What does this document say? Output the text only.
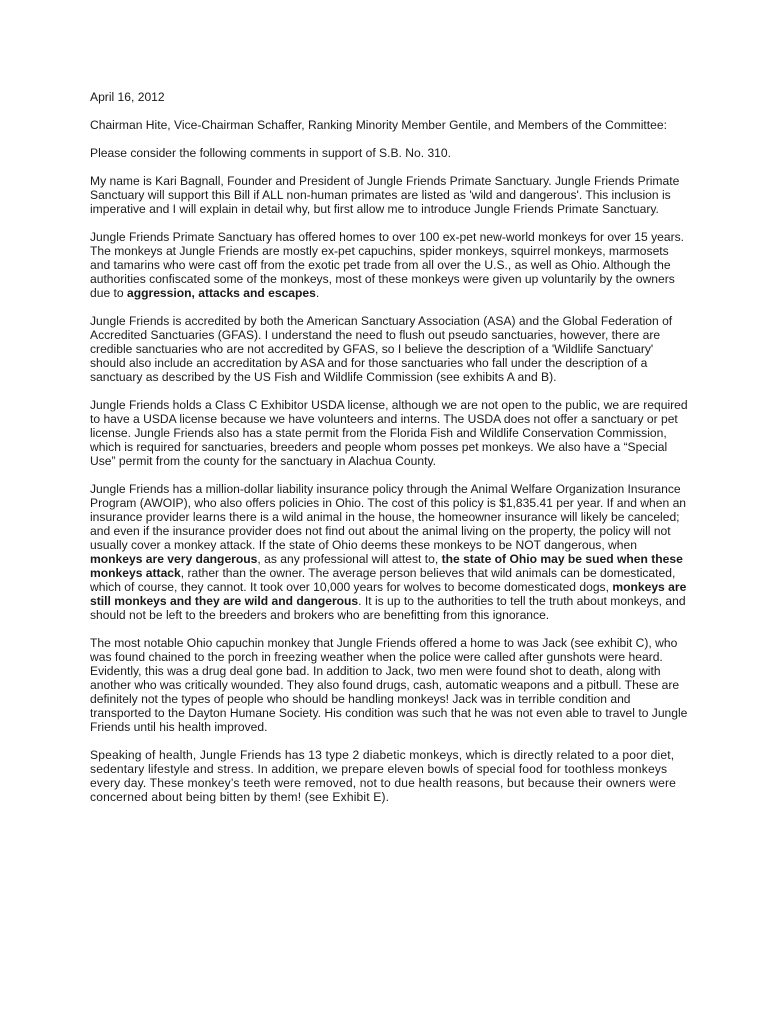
April 16, 2012

Chairman Hite, Vice-Chairman Schaffer, Ranking Minority Member Gentile, and Members of the Committee:

Please consider the following comments in support of S.B. No. 310.

My name is Kari Bagnall, Founder and President of Jungle Friends Primate Sanctuary. Jungle Friends Primate Sanctuary will support this Bill if ALL non-human primates are listed as 'wild and dangerous'. This inclusion is imperative and I will explain in detail why, but first allow me to introduce Jungle Friends Primate Sanctuary.

Jungle Friends Primate Sanctuary has offered homes to over 100 ex-pet new-world monkeys for over 15 years. The monkeys at Jungle Friends are mostly ex-pet capuchins, spider monkeys, squirrel monkeys, marmosets and tamarins who were cast off from the exotic pet trade from all over the U.S., as well as Ohio. Although the authorities confiscated some of the monkeys, most of these monkeys were given up voluntarily by the owners due to aggression, attacks and escapes.

Jungle Friends is accredited by both the American Sanctuary Association (ASA) and the Global Federation of Accredited Sanctuaries (GFAS). I understand the need to flush out pseudo sanctuaries, however, there are credible sanctuaries who are not accredited by GFAS, so I believe the description of a 'Wildlife Sanctuary' should also include an accreditation by ASA and for those sanctuaries who fall under the description of a sanctuary as described by the US Fish and Wildlife Commission (see exhibits A and B).

Jungle Friends holds a Class C Exhibitor USDA license, although we are not open to the public, we are required to have a USDA license because we have volunteers and interns. The USDA does not offer a sanctuary or pet license. Jungle Friends also has a state permit from the Florida Fish and Wildlife Conservation Commission, which is required for sanctuaries, breeders and people whom posses pet monkeys. We also have a “Special Use” permit from the county for the sanctuary in Alachua County.

Jungle Friends has a million-dollar liability insurance policy through the Animal Welfare Organization Insurance Program (AWOIP), who also offers policies in Ohio. The cost of this policy is $1,835.41 per year. If and when an insurance provider learns there is a wild animal in the house, the homeowner insurance will likely be canceled; and even if the insurance provider does not find out about the animal living on the property, the policy will not usually cover a monkey attack. If the state of Ohio deems these monkeys to be NOT dangerous, when monkeys are very dangerous, as any professional will attest to, the state of Ohio may be sued when these monkeys attack, rather than the owner. The average person believes that wild animals can be domesticated, which of course, they cannot. It took over 10,000 years for wolves to become domesticated dogs, monkeys are still monkeys and they are wild and dangerous. It is up to the authorities to tell the truth about monkeys, and should not be left to the breeders and brokers who are benefitting from this ignorance.

The most notable Ohio capuchin monkey that Jungle Friends offered a home to was Jack (see exhibit C), who was found chained to the porch in freezing weather when the police were called after gunshots were heard. Evidently, this was a drug deal gone bad. In addition to Jack, two men were found shot to death, along with another who was critically wounded. They also found drugs, cash, automatic weapons and a pitbull. These are definitely not the types of people who should be handling monkeys! Jack was in terrible condition and transported to the Dayton Humane Society. His condition was such that he was not even able to travel to Jungle Friends until his health improved.

Speaking of health, Jungle Friends has 13 type 2 diabetic monkeys, which is directly related to a poor diet, sedentary lifestyle and stress. In addition, we prepare eleven bowls of special food for toothless monkeys every day. These monkey’s teeth were removed, not to due health reasons, but because their owners were concerned about being bitten by them! (see Exhibit E).
